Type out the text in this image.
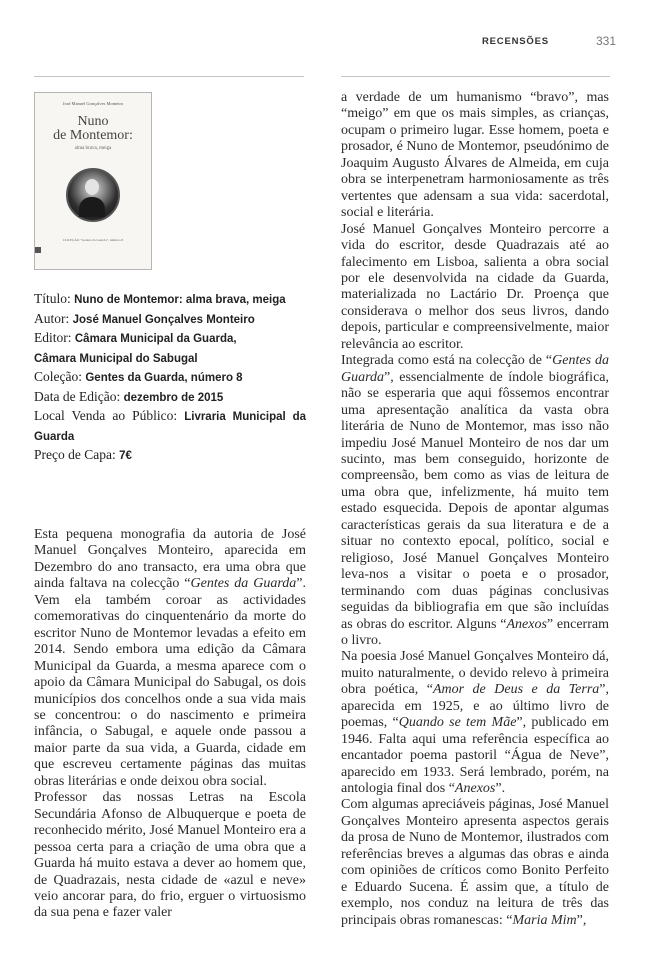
RECENSÕES	331
José Manuel Gonçalves Monteiro
Nuno
de Montemor:
alma brava, meiga
COLEÇÃO "Gentes da Guarda", número 8
Título: Nuno de Montemor: alma brava, meiga
Autor: José Manuel Gonçalves Monteiro
Editor: Câmara Municipal da Guarda,
Câmara Municipal do Sabugal
Coleção: Gentes da Guarda, número 8
Data de Edição: dezembro de 2015
Local Venda ao Público: Livraria Municipal da Guarda
Preço de Capa: 7€

Esta pequena monografia da autoria de José Manuel Gonçalves Monteiro, aparecida em Dezembro do ano transacto, era uma obra que ainda faltava na colecção “Gentes da Guarda”. Vem ela também coroar as actividades comemorativas do cinquentenário da morte do escritor Nuno de Montemor levadas a efeito em 2014. Sendo embora uma edição da Câmara Municipal da Guarda, a mesma aparece com o apoio da Câmara Municipal do Sabugal, os dois municípios dos concelhos onde a sua vida mais se concentrou: o do nascimento e primeira infância, o Sabugal, e aquele onde passou a maior parte da sua vida, a Guarda, cidade em que escreveu certamente páginas das muitas obras literárias e onde deixou obra social.

Professor das nossas Letras na Escola Secundária Afonso de Albuquerque e poeta de reconhecido mérito, José Manuel Monteiro era a pessoa certa para a criação de uma obra que a Guarda há muito estava a dever ao homem que, de Quadrazais, nesta cidade de «azul e neve» veio ancorar para, do frio, erguer o virtuosismo da sua pena e fazer valer

a verdade de um humanismo “bravo”, mas “meigo” em que os mais simples, as crianças, ocupam o primeiro lugar. Esse homem, poeta e prosador, é Nuno de Montemor, pseudónimo de Joaquim Augusto Álvares de Almeida, em cuja obra se interpenetram harmoniosamente as três vertentes que adensam a sua vida: sacerdotal, social e literária.

José Manuel Gonçalves Monteiro percorre a vida do escritor, desde Quadrazais até ao falecimento em Lisboa, salienta a obra social por ele desenvolvida na cidade da Guarda, materializada no Lactário Dr. Proença que considerava o melhor dos seus livros, dando depois, particular e compreensivelmente, maior relevância ao escritor.

Integrada como está na colecção de “Gentes da Guarda”, essencialmente de índole biográfica, não se esperaria que aqui fôssemos encontrar uma apresentação analítica da vasta obra literária de Nuno de Montemor, mas isso não impediu José Manuel Monteiro de nos dar um sucinto, mas bem conseguido, horizonte de compreensão, bem como as vias de leitura de uma obra que, infelizmente, há muito tem estado esquecida. Depois de apontar algumas características gerais da sua literatura e de a situar no contexto epocal, político, social e religioso, José Manuel Gonçalves Monteiro leva-nos a visitar o poeta e o prosador, terminando com duas páginas conclusivas seguidas da bibliografia em que são incluídas as obras do escritor. Alguns “Anexos” encerram o livro.

Na poesia José Manuel Gonçalves Monteiro dá, muito naturalmente, o devido relevo à primeira obra poética, “Amor de Deus e da Terra”, aparecida em 1925, e ao último livro de poemas, “Quando se tem Mãe”, publicado em 1946. Falta aqui uma referência específica ao encantador poema pastoril “Água de Neve”, aparecido em 1933. Será lembrado, porém, na antologia final dos “Anexos”.

Com algumas apreciáveis páginas, José Manuel Gonçalves Monteiro apresenta aspectos gerais da prosa de Nuno de Montemor, ilustrados com referências breves a algumas das obras e ainda com opiniões de críticos como Bonito Perfeito e Eduardo Sucena. É assim que, a título de exemplo, nos conduz na leitura de três das principais obras romanescas: “Maria Mim”,
